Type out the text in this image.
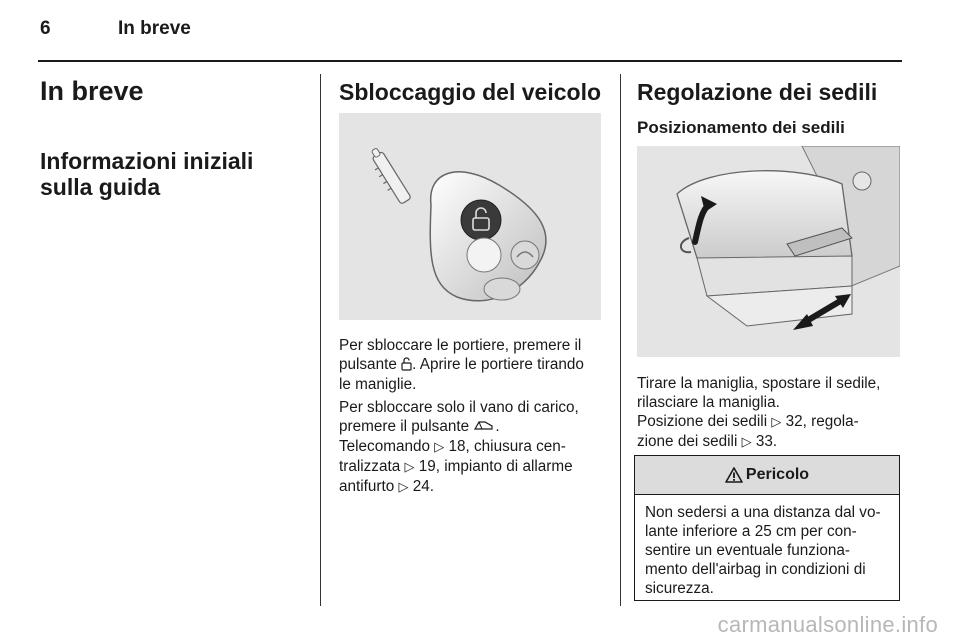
6	In breve
In breve
Informazioni iniziali
sulla guida
Sbloccaggio del veicolo

Per sbloccare le portiere, premere il
pulsante . Aprire le portiere tirando
le maniglie.

Per sbloccare solo il vano di carico,
premere il pulsante .

Telecomando ▷ 18, chiusura cen-
tralizzata ▷ 19, impianto di allarme
antifurto ▷ 24.

Regolazione dei sedili
Posizionamento dei sedili

Tirare la maniglia, spostare il sedile,
rilasciare la maniglia.

Posizione dei sedili ▷ 32, regola-
zione dei sedili ▷ 33.

Pericolo
Non sedersi a una distanza dal vo-
lante inferiore a 25 cm per con-
sentire un eventuale funziona-
mento dell'airbag in condizioni di
sicurezza.
carmanualsonline.info
